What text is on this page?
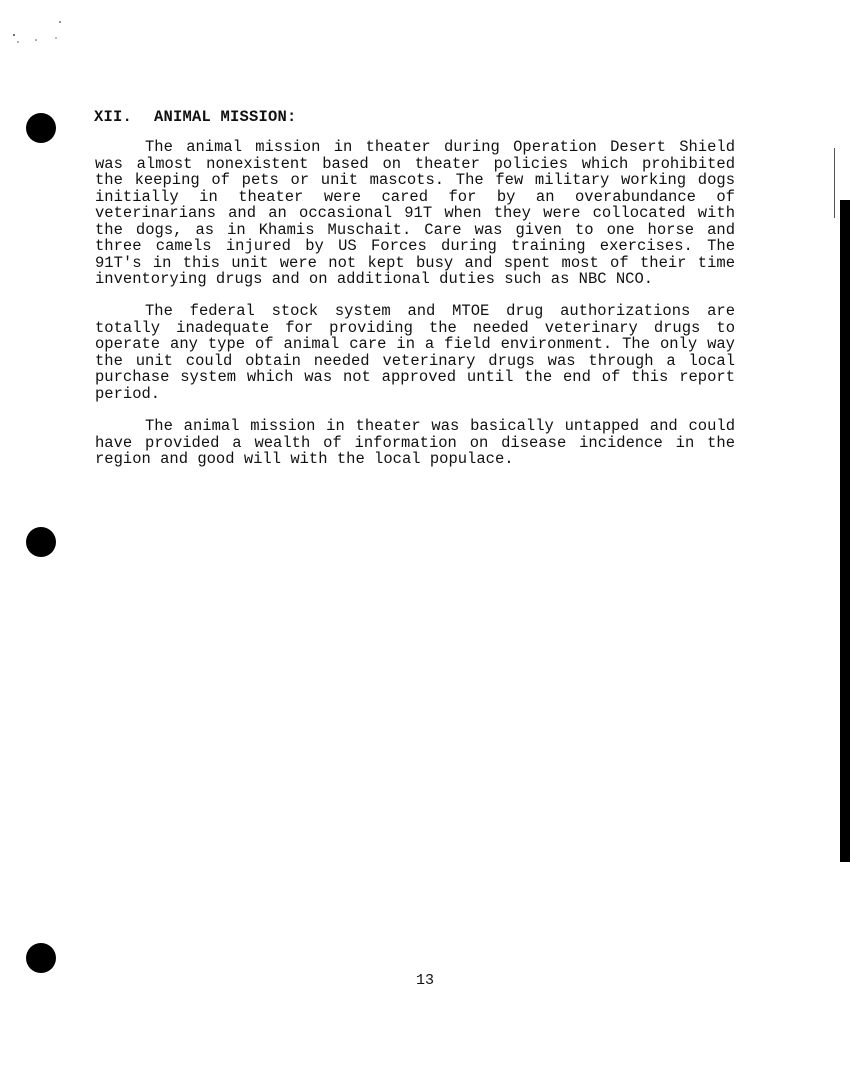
XII. ANIMAL MISSION:

The animal mission in theater during Operation Desert Shield was almost nonexistent based on theater policies which prohibited the keeping of pets or unit mascots. The few military working dogs initially in theater were cared for by an overabundance of veterinarians and an occasional 91T when they were collocated with the dogs, as in Khamis Muschait. Care was given to one horse and three camels injured by US Forces during training exercises. The 91T's in this unit were not kept busy and spent most of their time inventorying drugs and on additional duties such as NBC NCO.

The federal stock system and MTOE drug authorizations are totally inadequate for providing the needed veterinary drugs to operate any type of animal care in a field environment. The only way the unit could obtain needed veterinary drugs was through a local purchase system which was not approved until the end of this report period.

The animal mission in theater was basically untapped and could have provided a wealth of information on disease incidence in the region and good will with the local populace.

13
